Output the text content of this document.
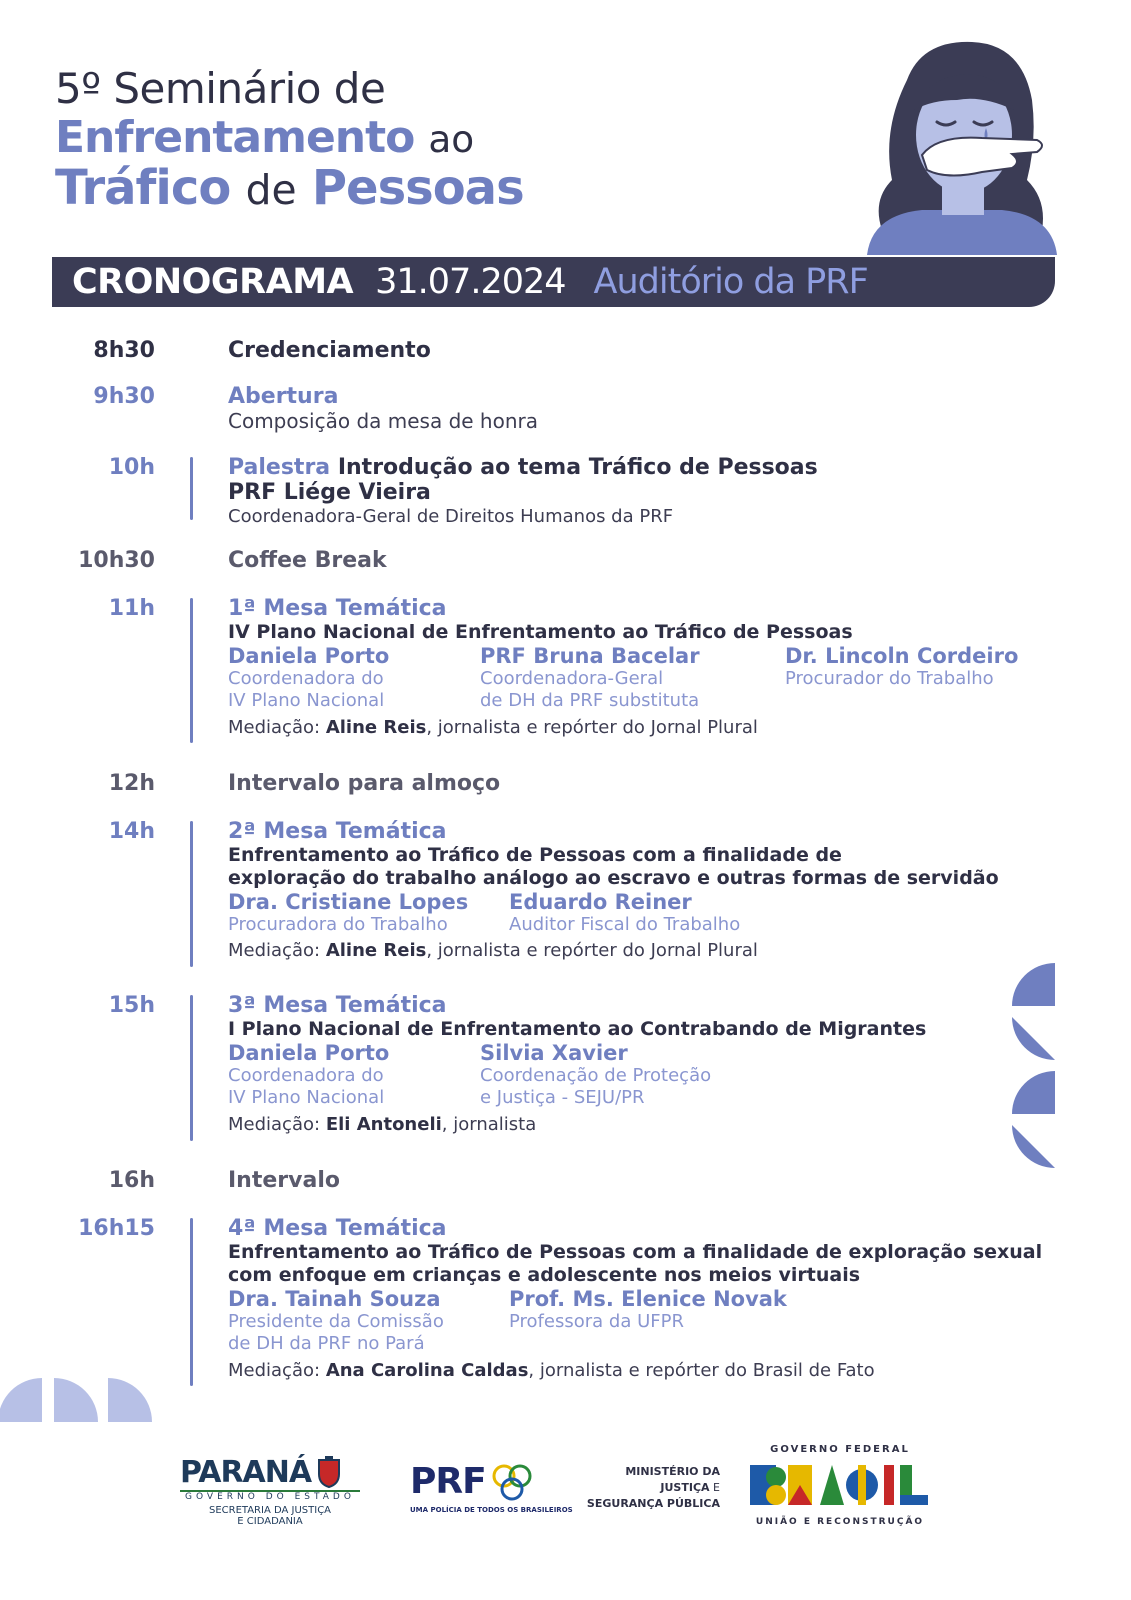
5º Seminário de
Enfrentamento ao
Tráfico de Pessoas
CRONOGRAMA 31.07.2024 Auditório da PRF
8h30	Credenciamento
9h30	Abertura
Composição da mesa de honra
10h	Palestra Introdução ao tema Tráfico de Pessoas
PRF Liége Vieira
Coordenadora-Geral de Direitos Humanos da PRF
10h30	Coffee Break
11h	1ª Mesa Temática
IV Plano Nacional de Enfrentamento ao Tráfico de Pessoas
Daniela Porto
Coordenadora do
IV Plano Nacional
PRF Bruna Bacelar
Coordenadora-Geral
de DH da PRF substituta
Dr. Lincoln Cordeiro
Procurador do Trabalho
Mediação: Aline Reis, jornalista e repórter do Jornal Plural
12h	Intervalo para almoço
14h	2ª Mesa Temática
Enfrentamento ao Tráfico de Pessoas com a finalidade de
exploração do trabalho análogo ao escravo e outras formas de servidão
Dra. Cristiane Lopes
Procuradora do Trabalho
Eduardo Reiner
Auditor Fiscal do Trabalho
Mediação: Aline Reis, jornalista e repórter do Jornal Plural
15h	3ª Mesa Temática
I Plano Nacional de Enfrentamento ao Contrabando de Migrantes
Daniela Porto
Coordenadora do
IV Plano Nacional
Silvia Xavier
Coordenação de Proteção
e Justiça - SEJU/PR
Mediação: Eli Antoneli, jornalista
16h	Intervalo
16h15	4ª Mesa Temática
Enfrentamento ao Tráfico de Pessoas com a finalidade de exploração sexual
com enfoque em crianças e adolescente nos meios virtuais
Dra. Tainah Souza
Presidente da Comissão
de DH da PRF no Pará
Prof. Ms. Elenice Novak
Professora da UFPR
Mediação: Ana Carolina Caldas, jornalista e repórter do Brasil de Fato
PARANÁ
GOVERNO DO ESTADO
SECRETARIA DA JUSTIÇA
E CIDADANIA
PRF
UMA POLÍCIA DE TODOS OS BRASILEIROS
MINISTÉRIO DA
JUSTIÇA E
SEGURANÇA PÚBLICA
GOVERNO FEDERAL
UNIÃO E RECONSTRUÇÃO
